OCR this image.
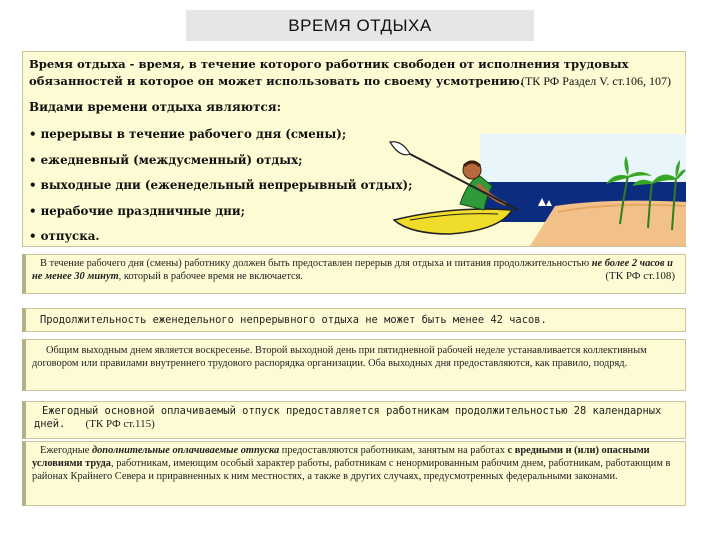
ВРЕМЯ ОТДЫХА
Время отдыха - время, в течение которого работник свободен от исполнения трудовых обязанностей и которое он может использовать по своему усмотрению.
(ТК РФ Раздел V. ст.106, 107)
Видами времени отдыха являются:
• перерывы в течение рабочего дня (смены);
• ежедневный (междусменный) отдых;
• выходные дни (еженедельный непрерывный отдых);
• нерабочие праздничные дни;
• отпуска.

В течение рабочего дня (смены) работнику должен быть предоставлен перерыв для отдыха и питания продолжительностью не более 2 часов и не менее 30 минут, который в рабочее время не включается.	(ТК РФ ст.108)

Продолжительность еженедельного непрерывного отдыха не может быть менее 42 часов.

Общим выходным днем является воскресенье. Второй выходной день при пятидневной рабочей неделе устанавливается коллективным договором или правилами внутреннего трудового распорядка организации. Оба выходных дня предоставляются, как правило, подряд.

Ежегодный основной оплачиваемый отпуск предоставляется работникам продолжительностью 28 календарных дней. (ТК РФ ст.115)

Ежегодные дополнительные оплачиваемые отпуска предоставляются работникам, занятым на работах с вредными и (или) опасными условиями труда, работникам, имеющим особый характер работы, работникам с ненормированным рабочим днем, работникам, работающим в районах Крайнего Севера и приравненных к ним местностях, а также в других случаях, предусмотренных федеральными законами.
